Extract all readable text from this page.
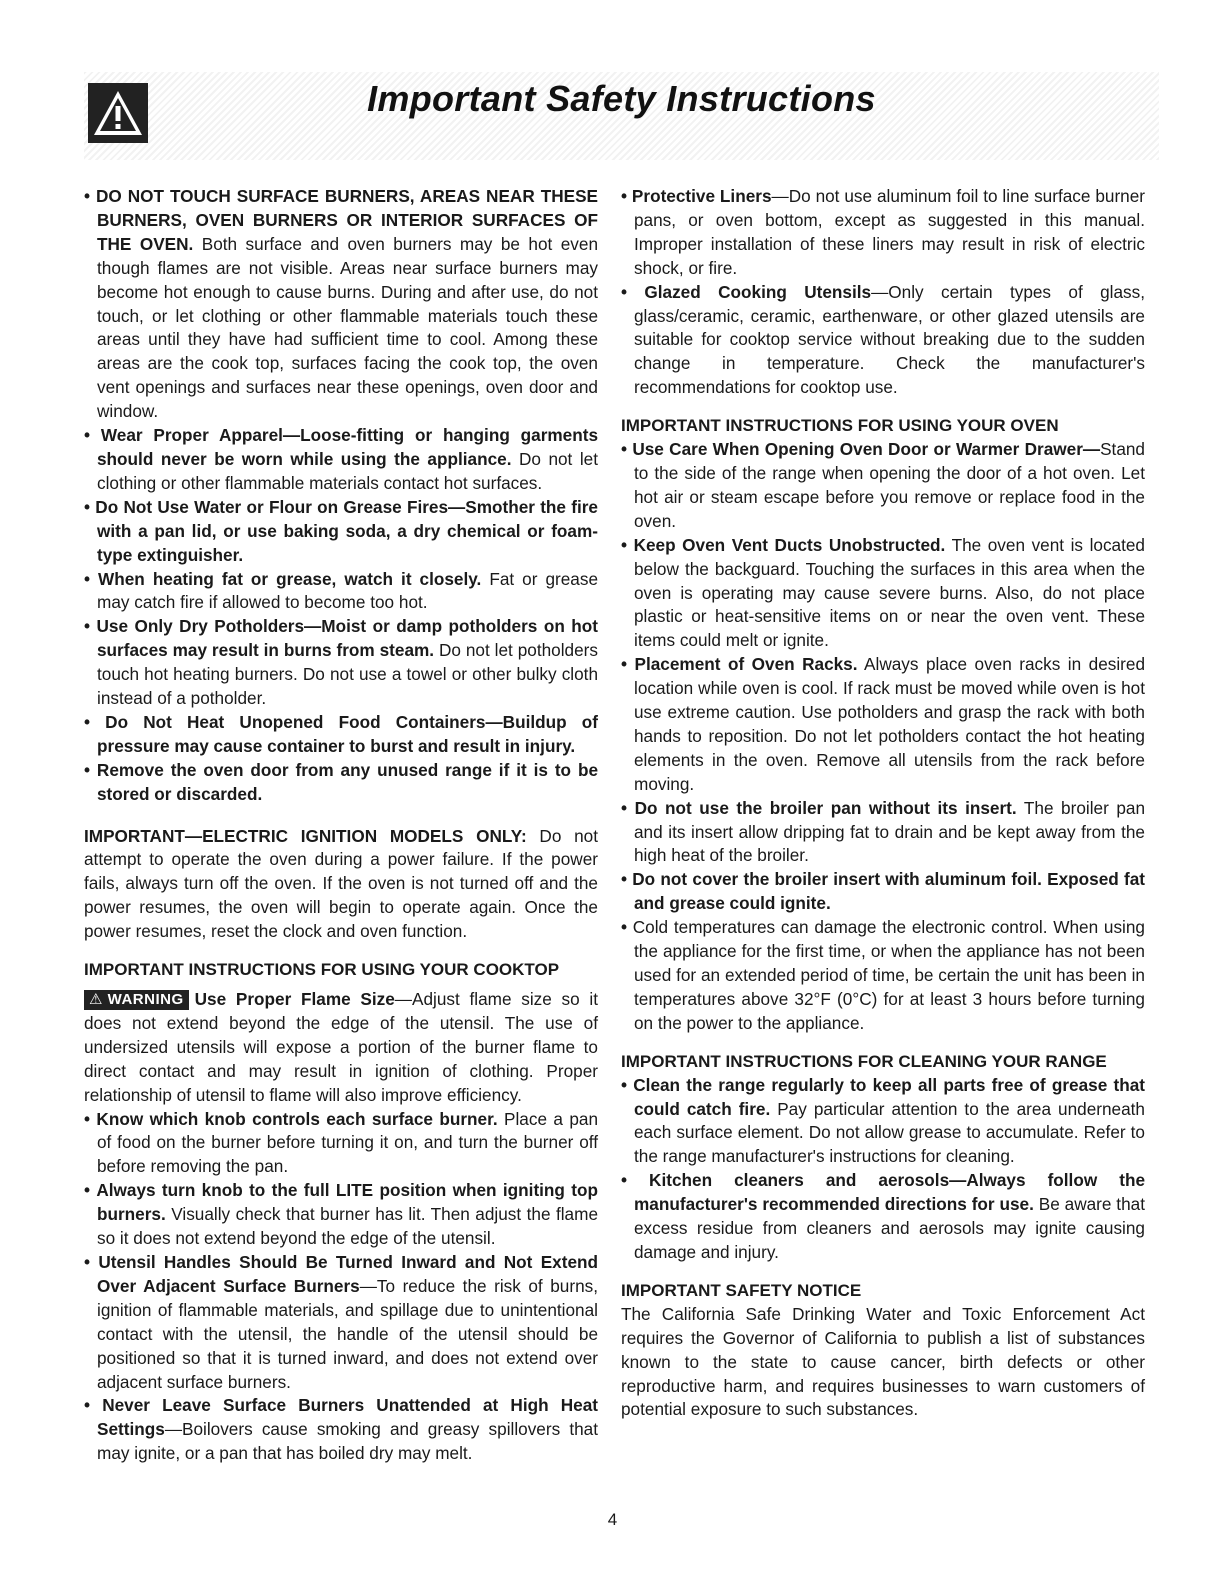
Important Safety Instructions

• DO NOT TOUCH SURFACE BURNERS, AREAS NEAR THESE BURNERS, OVEN BURNERS OR INTERIOR SURFACES OF THE OVEN. Both surface and oven burners may be hot even though flames are not visible. Areas near surface burners may become hot enough to cause burns. During and after use, do not touch, or let clothing or other flammable materials touch these areas until they have had sufficient time to cool. Among these areas are the cook top, surfaces facing the cook top, the oven vent openings and surfaces near these openings, oven door and window.

• Wear Proper Apparel—Loose-fitting or hanging garments should never be worn while using the appliance. Do not let clothing or other flammable materials contact hot surfaces.

• Do Not Use Water or Flour on Grease Fires—Smother the fire with a pan lid, or use baking soda, a dry chemical or foam-type extinguisher.

• When heating fat or grease, watch it closely. Fat or grease may catch fire if allowed to become too hot.

• Use Only Dry Potholders—Moist or damp potholders on hot surfaces may result in burns from steam. Do not let potholders touch hot heating burners. Do not use a towel or other bulky cloth instead of a potholder.

• Do Not Heat Unopened Food Containers—Buildup of pressure may cause container to burst and result in injury.

• Remove the oven door from any unused range if it is to be stored or discarded.

IMPORTANT—ELECTRIC IGNITION MODELS ONLY: Do not attempt to operate the oven during a power failure. If the power fails, always turn off the oven. If the oven is not turned off and the power resumes, the oven will begin to operate again. Once the power resumes, reset the clock and oven function.

IMPORTANT INSTRUCTIONS FOR USING YOUR COOKTOP

⚠ WARNING Use Proper Flame Size—Adjust flame size so it does not extend beyond the edge of the utensil. The use of undersized utensils will expose a portion of the burner flame to direct contact and may result in ignition of clothing. Proper relationship of utensil to flame will also improve efficiency.

• Know which knob controls each surface burner. Place a pan of food on the burner before turning it on, and turn the burner off before removing the pan.

• Always turn knob to the full LITE position when igniting top burners. Visually check that burner has lit. Then adjust the flame so it does not extend beyond the edge of the utensil.

• Utensil Handles Should Be Turned Inward and Not Extend Over Adjacent Surface Burners—To reduce the risk of burns, ignition of flammable materials, and spillage due to unintentional contact with the utensil, the handle of the utensil should be positioned so that it is turned inward, and does not extend over adjacent surface burners.

• Never Leave Surface Burners Unattended at High Heat Settings—Boilovers cause smoking and greasy spillovers that may ignite, or a pan that has boiled dry may melt.

• Protective Liners—Do not use aluminum foil to line surface burner pans, or oven bottom, except as suggested in this manual. Improper installation of these liners may result in risk of electric shock, or fire.

• Glazed Cooking Utensils—Only certain types of glass, glass/ceramic, ceramic, earthenware, or other glazed utensils are suitable for cooktop service without breaking due to the sudden change in temperature. Check the manufacturer's recommendations for cooktop use.

IMPORTANT INSTRUCTIONS FOR USING YOUR OVEN

• Use Care When Opening Oven Door or Warmer Drawer—Stand to the side of the range when opening the door of a hot oven. Let hot air or steam escape before you remove or replace food in the oven.

• Keep Oven Vent Ducts Unobstructed. The oven vent is located below the backguard. Touching the surfaces in this area when the oven is operating may cause severe burns. Also, do not place plastic or heat-sensitive items on or near the oven vent. These items could melt or ignite.

• Placement of Oven Racks. Always place oven racks in desired location while oven is cool. If rack must be moved while oven is hot use extreme caution. Use potholders and grasp the rack with both hands to reposition. Do not let potholders contact the hot heating elements in the oven. Remove all utensils from the rack before moving.

• Do not use the broiler pan without its insert. The broiler pan and its insert allow dripping fat to drain and be kept away from the high heat of the broiler.

• Do not cover the broiler insert with aluminum foil. Exposed fat and grease could ignite.

• Cold temperatures can damage the electronic control. When using the appliance for the first time, or when the appliance has not been used for an extended period of time, be certain the unit has been in temperatures above 32°F (0°C) for at least 3 hours before turning on the power to the appliance.

IMPORTANT INSTRUCTIONS FOR CLEANING YOUR RANGE

• Clean the range regularly to keep all parts free of grease that could catch fire. Pay particular attention to the area underneath each surface element. Do not allow grease to accumulate. Refer to the range manufacturer's instructions for cleaning.

• Kitchen cleaners and aerosols—Always follow the manufacturer's recommended directions for use. Be aware that excess residue from cleaners and aerosols may ignite causing damage and injury.

IMPORTANT SAFETY NOTICE

The California Safe Drinking Water and Toxic Enforcement Act requires the Governor of California to publish a list of substances known to the state to cause cancer, birth defects or other reproductive harm, and requires businesses to warn customers of potential exposure to such substances.

4
